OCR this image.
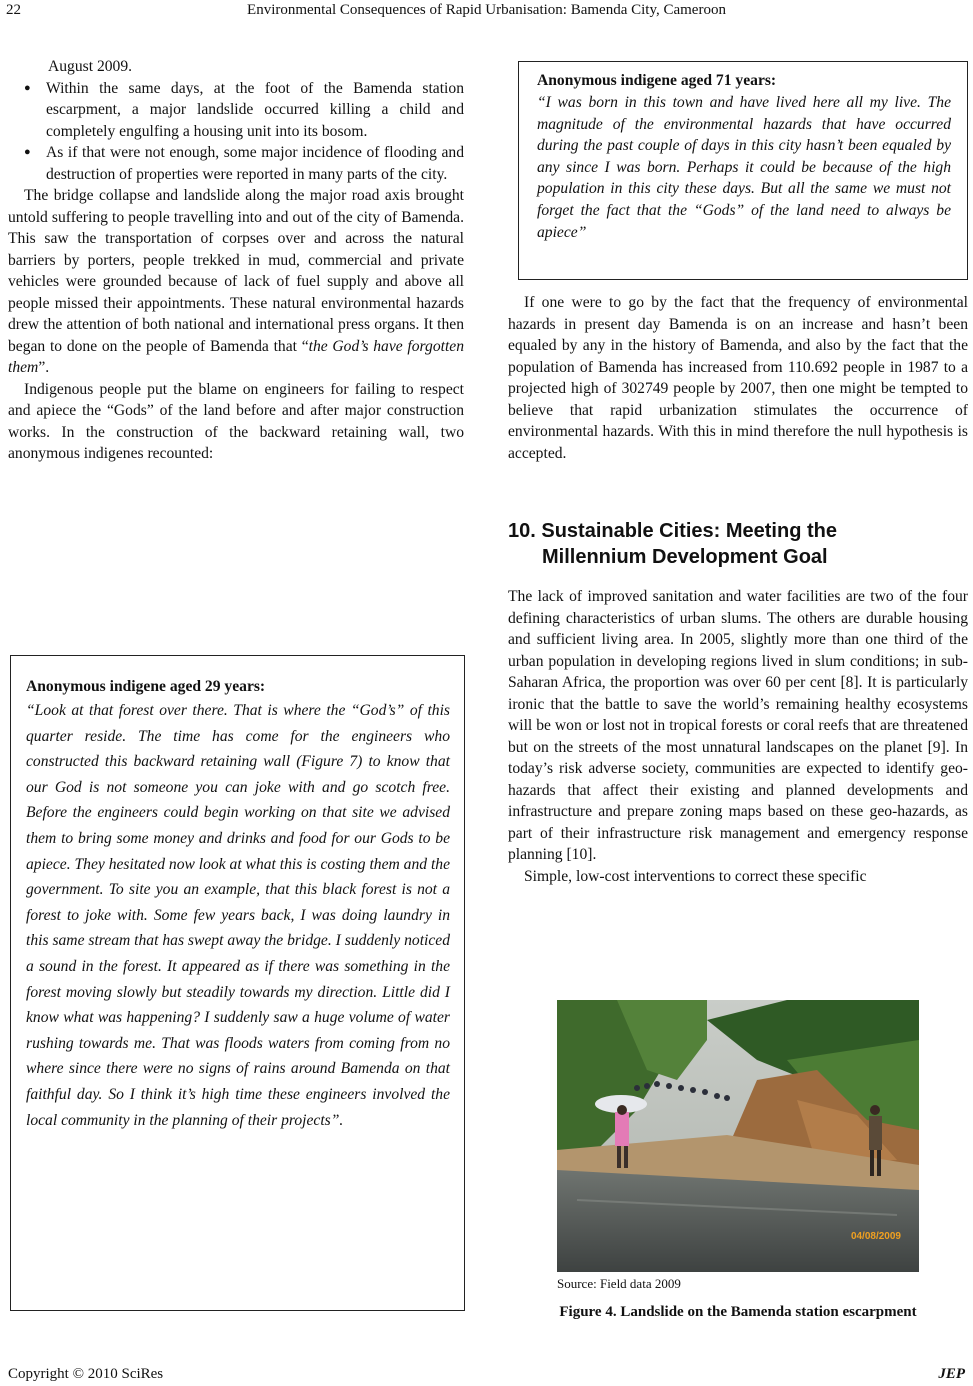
22	Environmental Consequences of Rapid Urbanisation: Bamenda City, Cameroon

August 2009.

● Within the same days, at the foot of the Bamenda station escarpment, a major landslide occurred killing a child and completely engulfing a housing unit into its bosom.
● As if that were not enough, some major incidence of flooding and destruction of properties were reported in many parts of the city.

The bridge collapse and landslide along the major road axis brought untold suffering to people travelling into and out of the city of Bamenda. This saw the transportation of corpses over and across the natural barriers by porters, people trekked in mud, commercial and private vehicles were grounded because of lack of fuel supply and above all people missed their appointments. These natural environmental hazards drew the attention of both national and international press organs. It then began to done on the people of Bamenda that “the God’s have forgotten them”.

Indigenous people put the blame on engineers for failing to respect and apiece the “Gods” of the land before and after major construction works. In the construction of the backward retaining wall, two anonymous indigenes recounted:

Anonymous indigene aged 29 years:
“Look at that forest over there. That is where the “God’s” of this quarter reside. The time has come for the engineers who constructed this backward retaining wall (Figure 7) to know that our God is not someone you can joke with and go scotch free. Before the engineers could begin working on that site we advised them to bring some money and drinks and food for our Gods to be apiece. They hesitated now look at what this is costing them and the government. To site you an example, that this black forest is not a forest to joke with. Some few years back, I was doing laundry in this same stream that has swept away the bridge. I suddenly noticed a sound in the forest. It appeared as if there was something in the forest moving slowly but steadily towards my direction. Little did I know what was happening? I suddenly saw a huge volume of water rushing towards me. That was floods waters from coming from no where since there were no signs of rains around Bamenda on that faithful day. So I think it’s high time these engineers involved the local community in the planning of their projects”.
Anonymous indigene aged 71 years:
“I was born in this town and have lived here all my live. The magnitude of the environmental hazards that have occurred during the past couple of days in this city hasn’t been equaled by any since I was born. Perhaps it could be because of the high population in this city these days. But all the same we must not forget the fact that the “Gods” of the land need to always be apiece”

If one were to go by the fact that the frequency of environmental hazards in present day Bamenda is on an increase and hasn’t been equaled by any in the history of Bamenda, and also by the fact that the population of Bamenda has increased from 110.692 people in 1987 to a projected high of 302749 people by 2007, then one might be tempted to believe that rapid urbanization stimulates the occurrence of environmental hazards. With this in mind therefore the null hypothesis is accepted.

10. Sustainable Cities: Meeting the
Millennium Development Goal

The lack of improved sanitation and water facilities are two of the four defining characteristics of urban slums. The others are durable housing and sufficient living area. In 2005, slightly more than one third of the urban population in developing regions lived in slum conditions; in sub-Saharan Africa, the proportion was over 60 per cent [8]. It is particularly ironic that the battle to save the world’s remaining healthy ecosystems will be won or lost not in tropical forests or coral reefs that are threatened but on the streets of the most unnatural landscapes on the planet [9]. In today’s risk adverse society, communities are expected to identify geo-hazards that affect their existing and planned developments and infrastructure and prepare zoning maps based on these geo-hazards, as part of their infrastructure risk management and emergency response planning [10].

Simple, low-cost interventions to correct these specific

04/08/2009
Source: Field data 2009
Figure 4. Landslide on the Bamenda station escarpment
Copyright © 2010 SciRes	JEP
